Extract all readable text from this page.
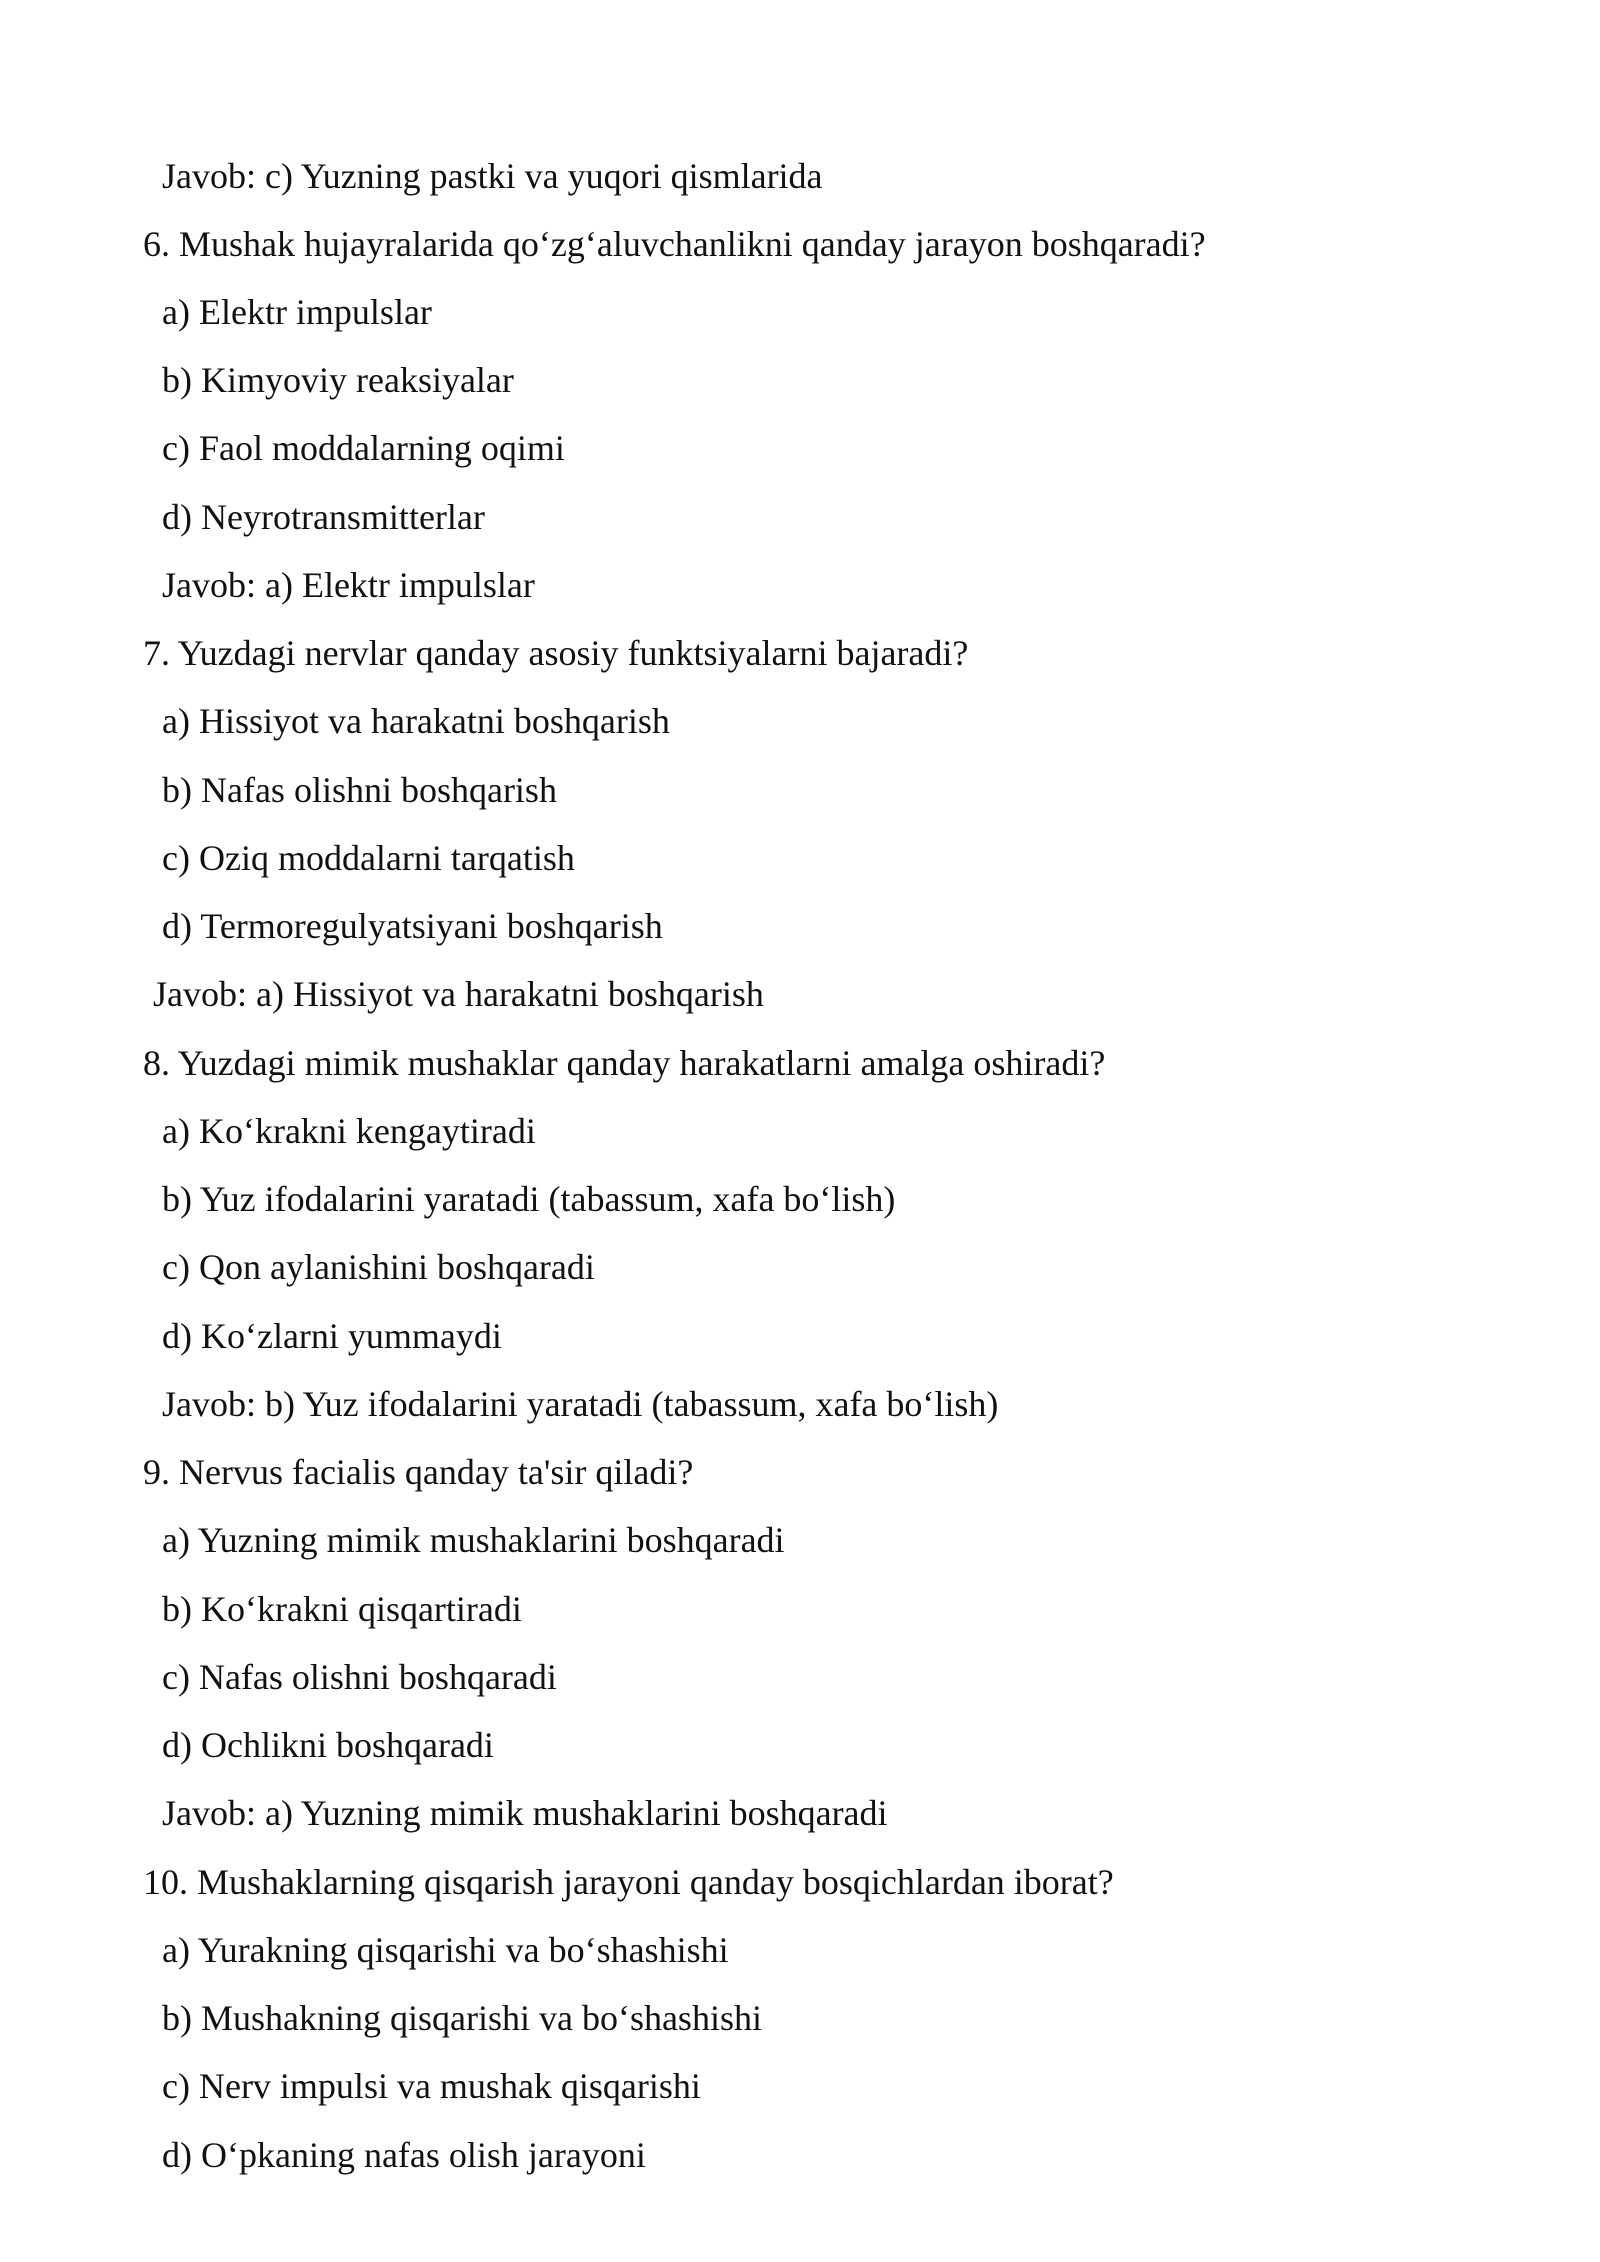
Javob: c) Yuzning pastki va yuqori qismlarida
6. Mushak hujayralarida qo‘zg‘aluvchanlikni qanday jarayon boshqaradi?
a) Elektr impulslar
b) Kimyoviy reaksiyalar
c) Faol moddalarning oqimi
d) Neyrotransmitterlar
Javob: a) Elektr impulslar
7. Yuzdagi nervlar qanday asosiy funktsiyalarni bajaradi?
a) Hissiyot va harakatni boshqarish
b) Nafas olishni boshqarish
c) Oziq moddalarni tarqatish
d) Termoregulyatsiyani boshqarish
Javob: a) Hissiyot va harakatni boshqarish
8. Yuzdagi mimik mushaklar qanday harakatlarni amalga oshiradi?
a) Ko‘krakni kengaytiradi
b) Yuz ifodalarini yaratadi (tabassum, xafa bo‘lish)
c) Qon aylanishini boshqaradi
d) Ko‘zlarni yummaydi
Javob: b) Yuz ifodalarini yaratadi (tabassum, xafa bo‘lish)
9. Nervus facialis qanday ta'sir qiladi?
a) Yuzning mimik mushaklarini boshqaradi
b) Ko‘krakni qisqartiradi
c) Nafas olishni boshqaradi
d) Ochlikni boshqaradi
Javob: a) Yuzning mimik mushaklarini boshqaradi
10. Mushaklarning qisqarish jarayoni qanday bosqichlardan iborat?
a) Yurakning qisqarishi va bo‘shashishi
b) Mushakning qisqarishi va bo‘shashishi
c) Nerv impulsi va mushak qisqarishi
d) O‘pkaning nafas olish jarayoni
